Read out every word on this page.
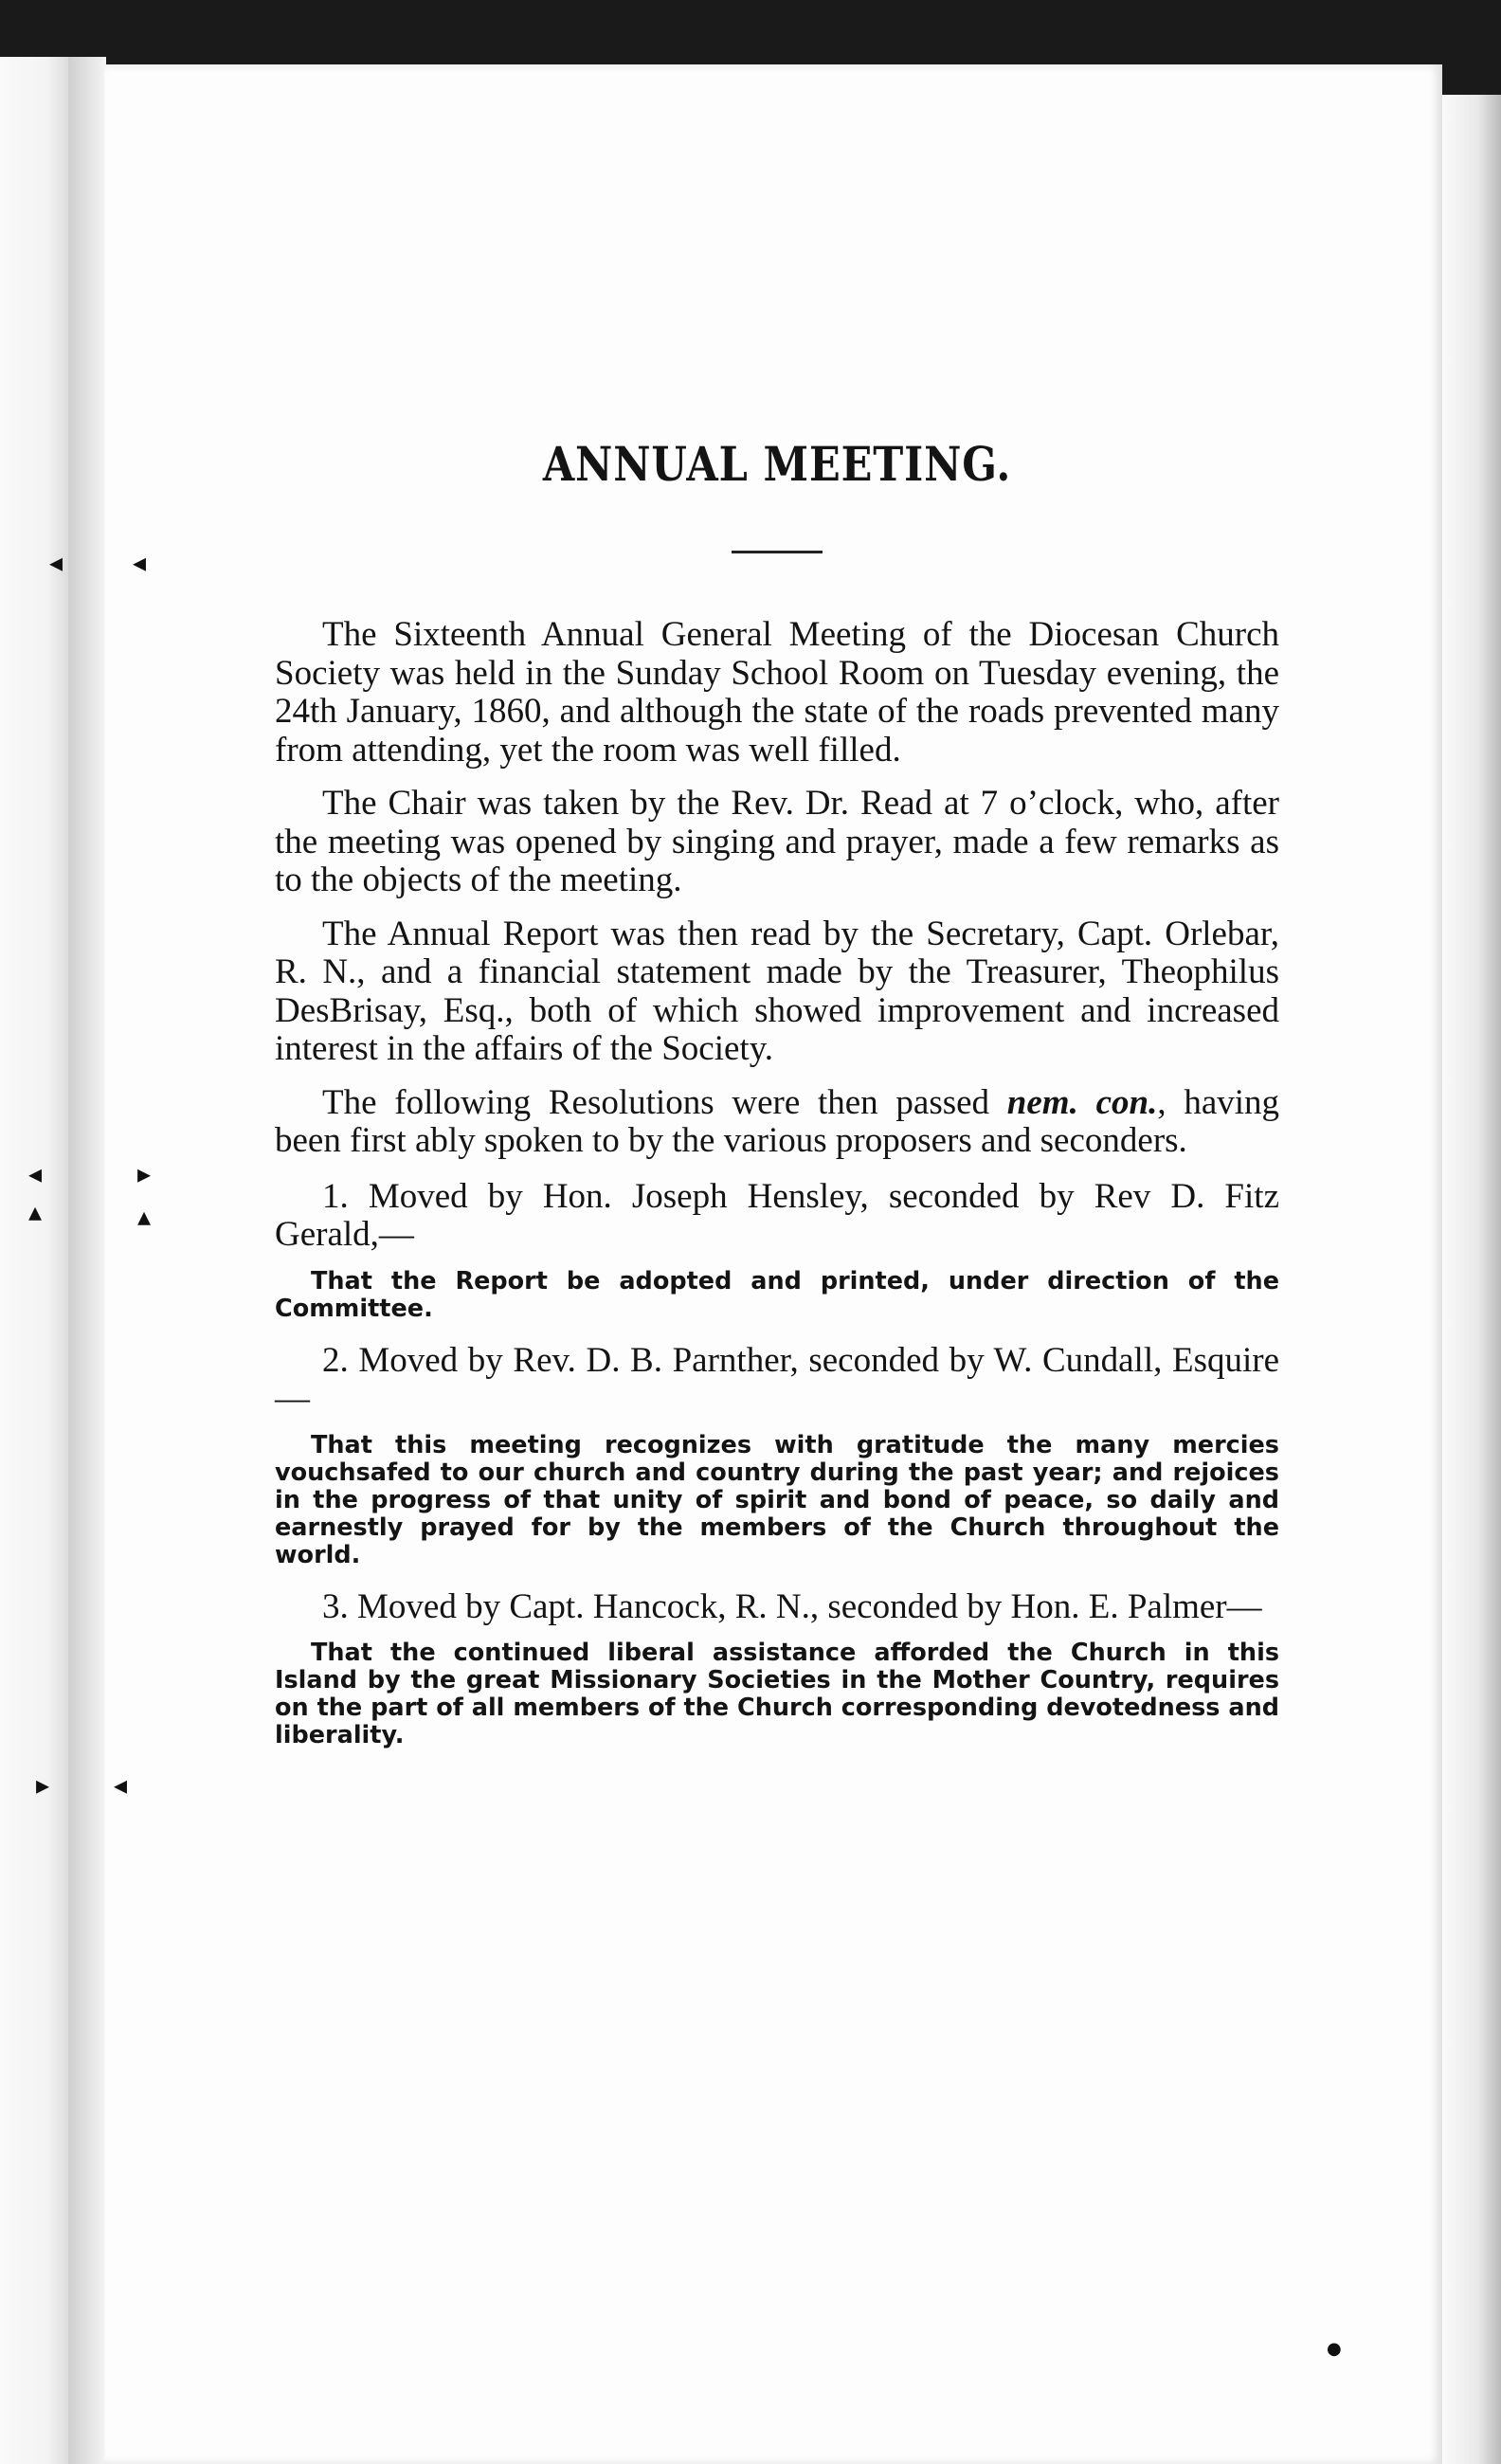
◂	◂
◂	▸
▴	▴
▸ ◂
●
ANNUAL MEETING.

The Sixteenth Annual General Meeting of the Diocesan Church Society was held in the Sunday School Room on Tuesday evening, the 24th January, 1860, and although the state of the roads prevented many from attending, yet the room was well filled.

The Chair was taken by the Rev. Dr. Read at 7 o’clock, who, after the meeting was opened by singing and prayer, made a few remarks as to the objects of the meeting.

The Annual Report was then read by the Secretary, Capt. Orlebar, R. N., and a financial statement made by the Treasurer, Theophilus DesBrisay, Esq., both of which showed improvement and increased interest in the affairs of the Society.

The following Resolutions were then passed nem. con., having been first ably spoken to by the various proposers and seconders.

1. Moved by Hon. Joseph Hensley, seconded by Rev D. Fitz Gerald,—

That the Report be adopted and printed, under direction of the Committee.

2. Moved by Rev. D. B. Parnther, seconded by W. Cundall, Esquire—

That this meeting recognizes with gratitude the many mercies vouchsafed to our church and country during the past year; and rejoices in the progress of that unity of spirit and bond of peace, so daily and earnestly prayed for by the members of the Church throughout the world.

3. Moved by Capt. Hancock, R. N., seconded by Hon. E. Palmer—

That the continued liberal assistance afforded the Church in this Island by the great Missionary Societies in the Mother Country, requires on the part of all members of the Church corresponding devotedness and liberality.
